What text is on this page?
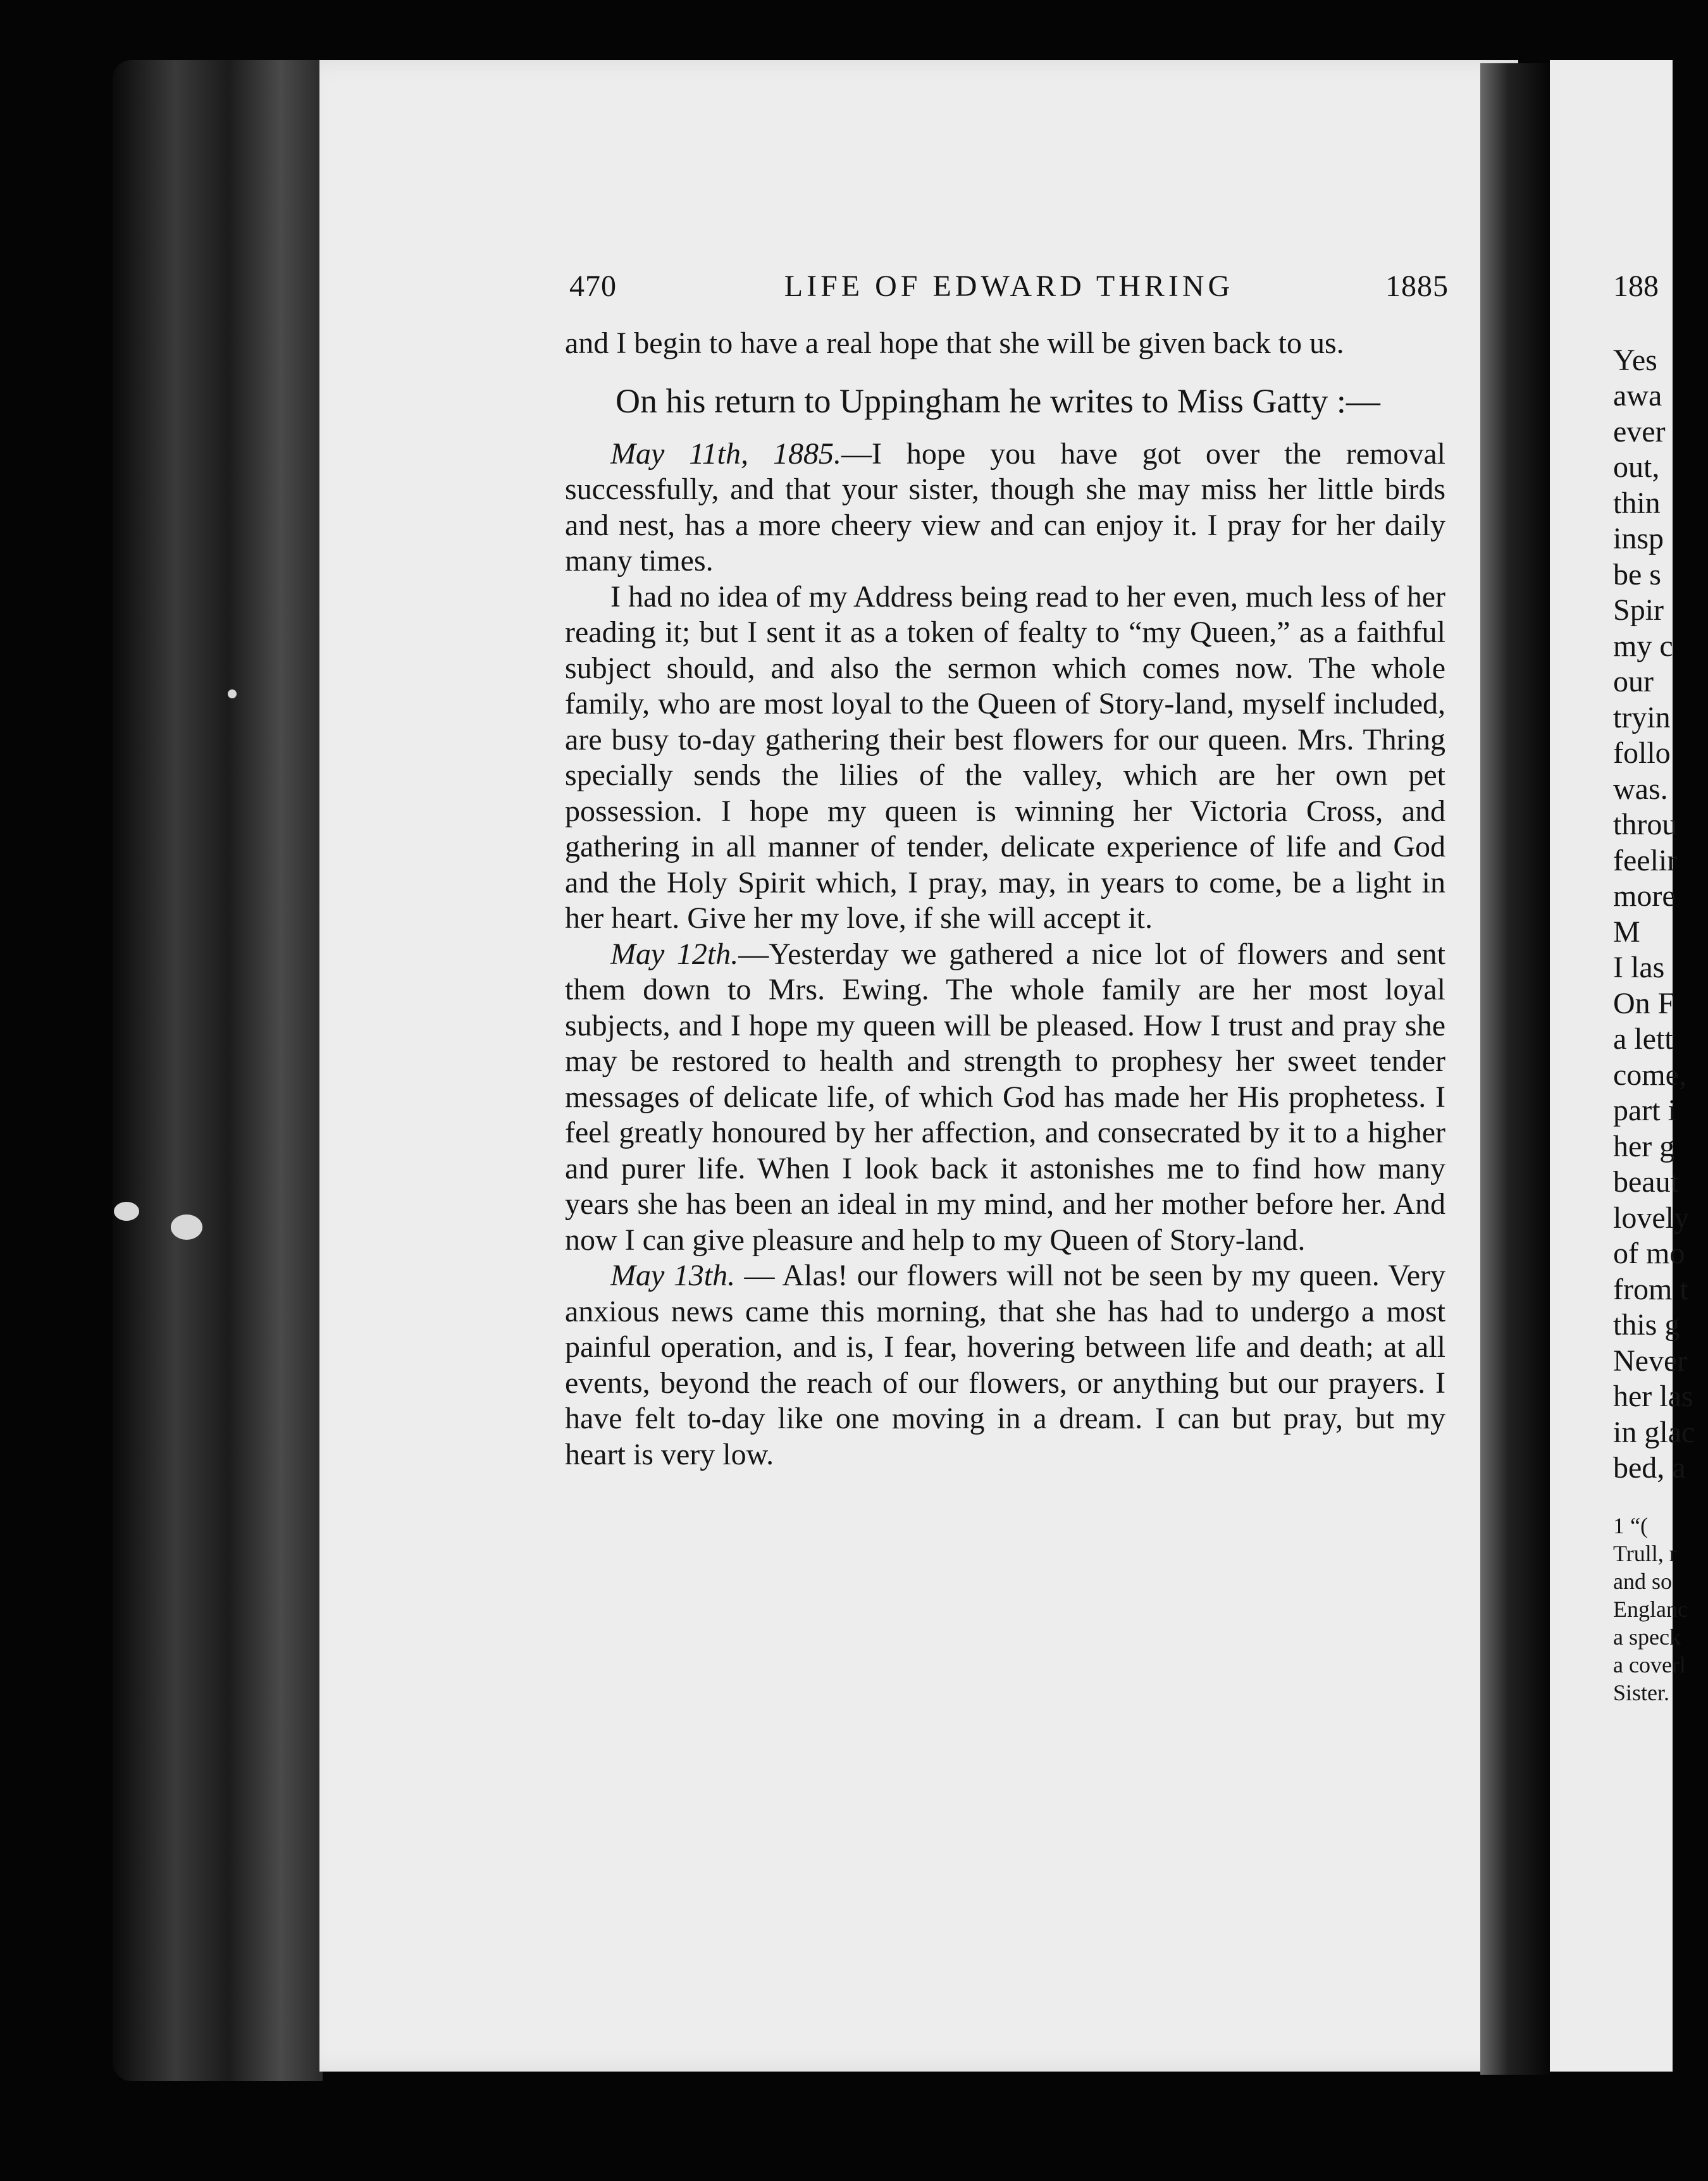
470	LIFE OF EDWARD THRING	1885

and I begin to have a real hope that she will be given back to us.

On his return to Uppingham he writes to Miss Gatty :—

May 11th, 1885.—I hope you have got over the removal successfully, and that your sister, though she may miss her little birds and nest, has a more cheery view and can enjoy it. I pray for her daily many times.

I had no idea of my Address being read to her even, much less of her reading it; but I sent it as a token of fealty to “my Queen,” as a faithful subject should, and also the sermon which comes now. The whole family, who are most loyal to the Queen of Story-land, myself included, are busy to-day gathering their best flowers for our queen. Mrs. Thring specially sends the lilies of the valley, which are her own pet possession. I hope my queen is winning her Victoria Cross, and gathering in all manner of tender, delicate experience of life and God and the Holy Spirit which, I pray, may, in years to come, be a light in her heart. Give her my love, if she will accept it.

May 12th.—Yesterday we gathered a nice lot of flowers and sent them down to Mrs. Ewing. The whole family are her most loyal subjects, and I hope my queen will be pleased. How I trust and pray she may be restored to health and strength to prophesy her sweet tender messages of delicate life, of which God has made her His prophetess. I feel greatly honoured by her affection, and consecrated by it to a higher and purer life. When I look back it astonishes me to find how many years she has been an ideal in my mind, and her mother before her. And now I can give pleasure and help to my Queen of Story-land.

May 13th. — Alas! our flowers will not be seen by my queen. Very anxious news came this morning, that she has had to undergo a most painful operation, and is, I fear, hovering between life and death; at all events, beyond the reach of our flowers, or anything but our prayers. I have felt to-day like one moving in a dream. I can but pray, but my heart is very low.

188
Yes
awa
ever
out,
thin
insp
be s
Spir
my c
our
tryin
follo
was.
throu
feelir
more
M
I las
On F
a lett
come,
part i
her g
beaut
lovely
of mo
from t
this g
Never
her las
in glac
bed, a
1 “(
Trull, r
and so
Englanc
a speck
a coverl
Sister.
